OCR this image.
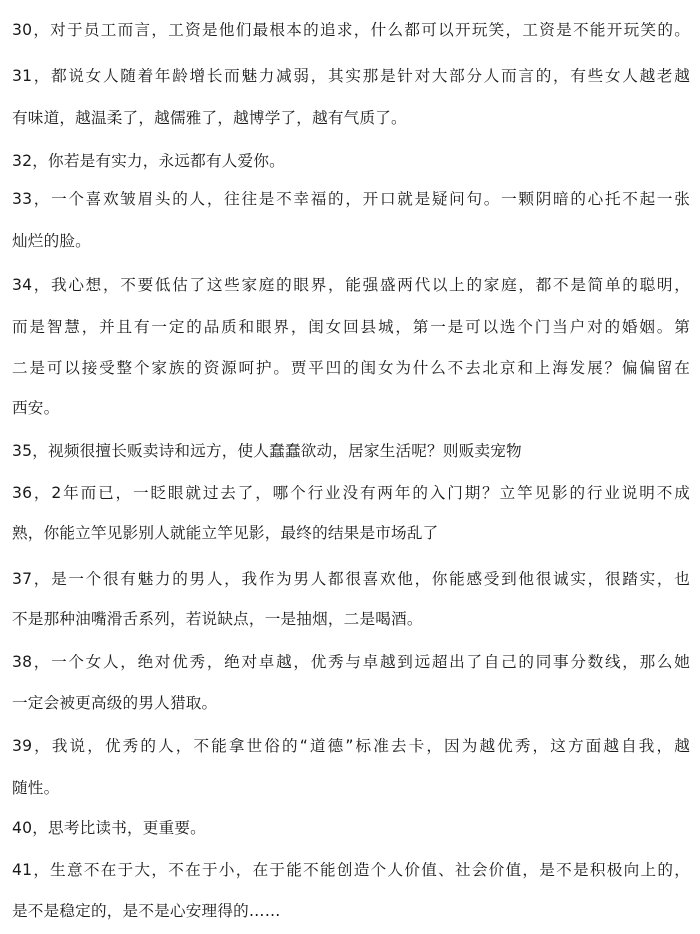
30，对于员工而言，工资是他们最根本的追求，什么都可以开玩笑，工资是不能开玩笑的。
31，都说女人随着年龄增长而魅力减弱，其实那是针对大部分人而言的，有些女人越老越
有味道，越温柔了，越儒雅了，越博学了，越有气质了。
32，你若是有实力，永远都有人爱你。
33，一个喜欢皱眉头的人，往往是不幸福的，开口就是疑问句。一颗阴暗的心托不起一张
灿烂的脸。
34，我心想，不要低估了这些家庭的眼界，能强盛两代以上的家庭，都不是简单的聪明，
而是智慧，并且有一定的品质和眼界，闺女回县城，第一是可以选个门当户对的婚姻。第
二是可以接受整个家族的资源呵护。贾平凹的闺女为什么不去北京和上海发展？偏偏留在
西安。
35，视频很擅长贩卖诗和远方，使人蠢蠢欲动，居家生活呢？则贩卖宠物
36，2年而已，一眨眼就过去了，哪个行业没有两年的入门期？立竿见影的行业说明不成
熟，你能立竿见影别人就能立竿见影，最终的结果是市场乱了
37，是一个很有魅力的男人，我作为男人都很喜欢他，你能感受到他很诚实，很踏实，也
不是那种油嘴滑舌系列，若说缺点，一是抽烟，二是喝酒。
38，一个女人，绝对优秀，绝对卓越，优秀与卓越到远超出了自己的同事分数线，那么她
一定会被更高级的男人猎取。
39，我说，优秀的人，不能拿世俗的“道德”标准去卡，因为越优秀，这方面越自我，越
随性。
40，思考比读书，更重要。
41，生意不在于大，不在于小，在于能不能创造个人价值、社会价值，是不是积极向上的，
是不是稳定的，是不是心安理得的……
